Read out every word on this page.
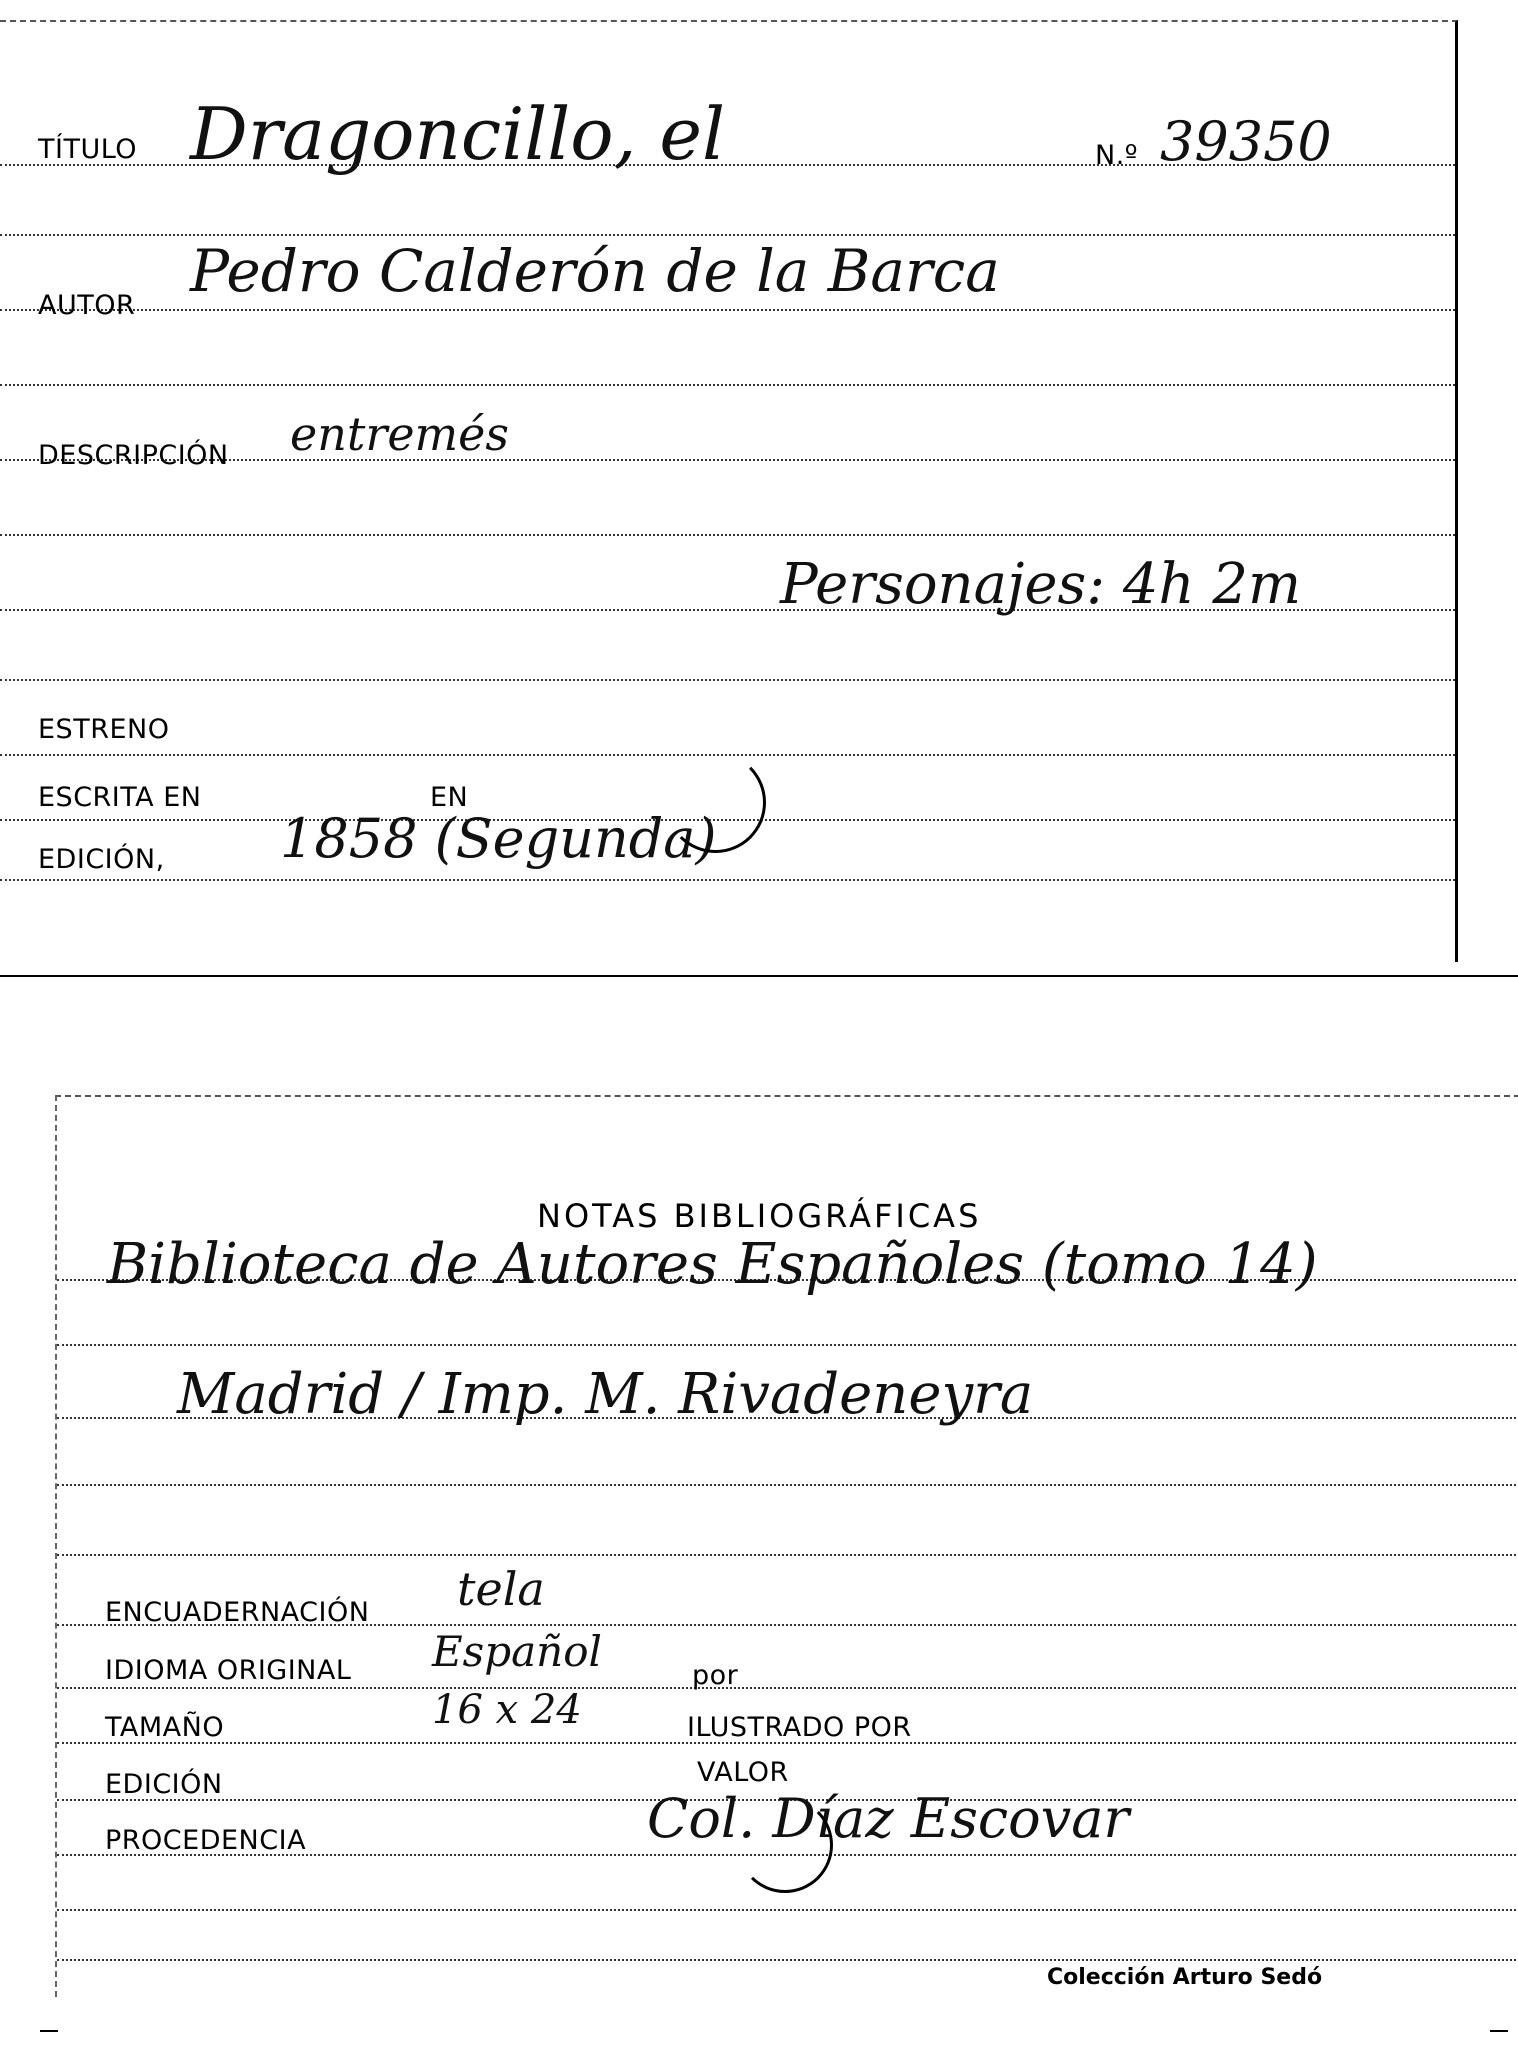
TÍTULO Dragoncillo, el	N.º 39350
AUTOR
Pedro Calderón de la Barca
DESCRIPCIÓN entremés
Personajes: 4h 2m
ESTRENO
ESCRITA EN	EN
EDICIÓN, 1858 (Segunda)
NOTAS BIBLIOGRÁFICAS
Biblioteca de Autores Españoles (tomo 14)
Madrid / Imp. M. Rivadeneyra
ENCUADERNACIÓN tela
IDIOMA ORIGINAL Español	por
TAMAÑO	16 x 24	ILUSTRADO POR
EDICIÓN	VALOR
PROCEDENCIA	Col. Díaz Escovar
Colección Arturo Sedó
